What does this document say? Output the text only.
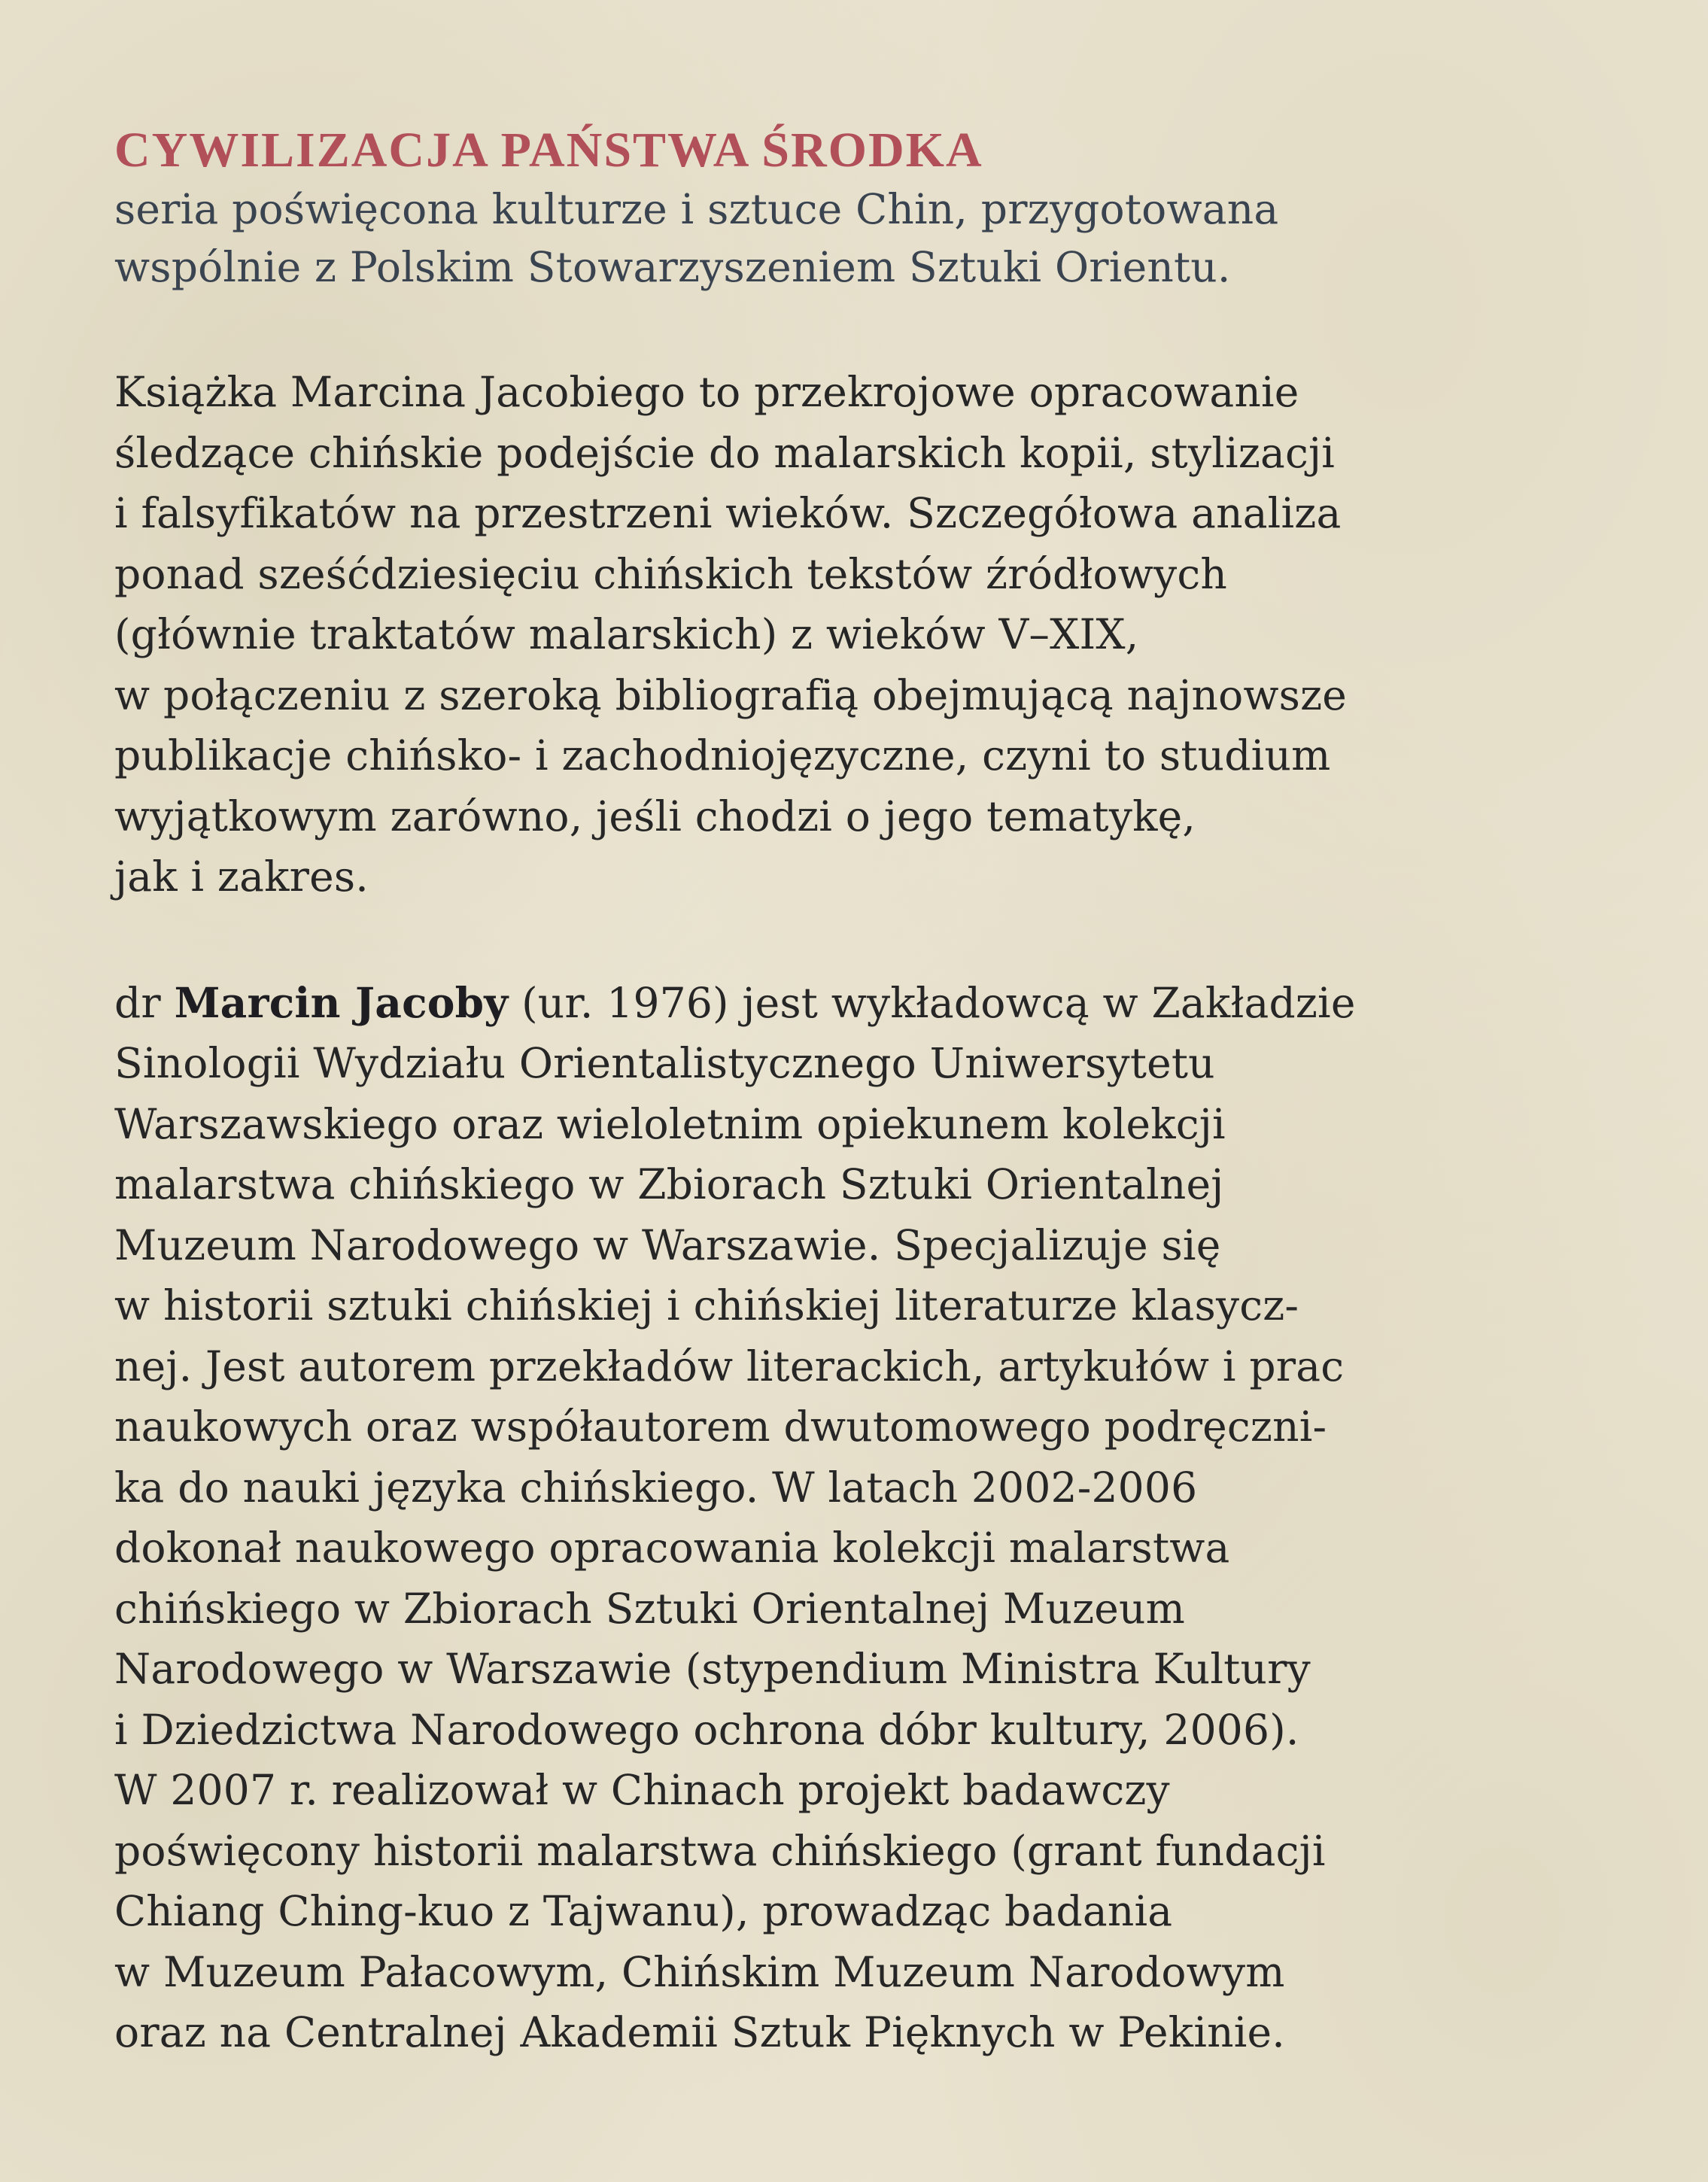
CYWILIZACJA PAŃSTWA ŚRODKA
seria poświęcona kulturze i sztuce Chin, przygotowana
wspólnie z Polskim Stowarzyszeniem Sztuki Orientu.
Książka Marcina Jacobiego to przekrojowe opracowanie
śledzące chińskie podejście do malarskich kopii, stylizacji
i falsyfikatów na przestrzeni wieków. Szczegółowa analiza
ponad sześćdziesięciu chińskich tekstów źródłowych
(głównie traktatów malarskich) z wieków V–XIX,
w połączeniu z szeroką bibliografią obejmującą najnowsze
publikacje chińsko- i zachodniojęzyczne, czyni to studium
wyjątkowym zarówno, jeśli chodzi o jego tematykę,
jak i zakres.
dr Marcin Jacoby (ur. 1976) jest wykładowcą w Zakładzie
Sinologii Wydziału Orientalistycznego Uniwersytetu
Warszawskiego oraz wieloletnim opiekunem kolekcji
malarstwa chińskiego w Zbiorach Sztuki Orientalnej
Muzeum Narodowego w Warszawie. Specjalizuje się
w historii sztuki chińskiej i chińskiej literaturze klasycz-
nej. Jest autorem przekładów literackich, artykułów i prac
naukowych oraz współautorem dwutomowego podręczni-
ka do nauki języka chińskiego. W latach 2002-2006
dokonał naukowego opracowania kolekcji malarstwa
chińskiego w Zbiorach Sztuki Orientalnej Muzeum
Narodowego w Warszawie (stypendium Ministra Kultury
i Dziedzictwa Narodowego ochrona dóbr kultury, 2006).
W 2007 r. realizował w Chinach projekt badawczy
poświęcony historii malarstwa chińskiego (grant fundacji
Chiang Ching-kuo z Tajwanu), prowadząc badania
w Muzeum Pałacowym, Chińskim Muzeum Narodowym
oraz na Centralnej Akademii Sztuk Pięknych w Pekinie.
